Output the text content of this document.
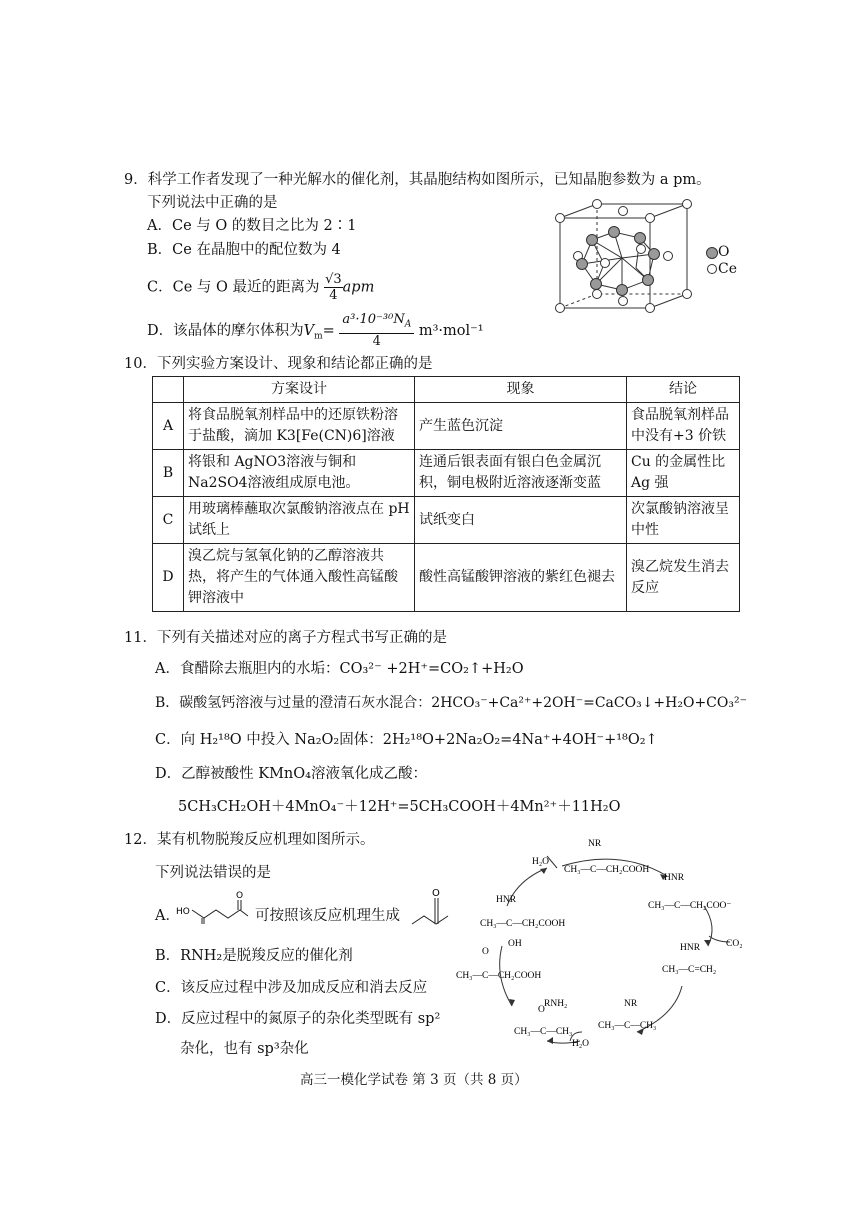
9．科学工作者发现了一种光解水的催化剂，其晶胞结构如图所示，已知晶胞参数为 a pm。
下列说法中正确的是
A．Ce 与 O 的数目之比为 2∶1
B．Ce 在晶胞中的配位数为 4
C．Ce 与 O 最近的距离为 $\frac{√3}{4}$ apm
D．该晶体的摩尔体积为$V_m= \frac{a^3\cdot 10^{-30}N_A}{4} m^3\cdot mol^{-1}$
O
Ce
10．下列实验方案设计、现象和结论都正确的是
	方案设计	现象	结论
A	将食品脱氧剂样品中的还原铁粉溶于盐酸，滴加 K3[Fe(CN)6]溶液	产生蓝色沉淀	食品脱氧剂样品中没有+3 价铁
B	将银和 AgNO3溶液与铜和 Na2SO4溶液组成原电池。	连通后银表面有银白色金属沉积，铜电极附近溶液逐渐变蓝	Cu 的金属性比 Ag 强
C	用玻璃棒蘸取次氯酸钠溶液点在 pH 试纸上	试纸变白	次氯酸钠溶液呈中性
D	溴乙烷与氢氧化钠的乙醇溶液共热，将产生的气体通入酸性高锰酸钾溶液中	酸性高锰酸钾溶液的紫红色褪去	溴乙烷发生消去反应
11．下列有关描述对应的离子方程式书写正确的是
A．食醋除去瓶胆内的水垢：CO₃²⁻ +2H⁺=CO₂↑+H₂O
B．碳酸氢钙溶液与过量的澄清石灰水混合：2HCO₃⁻+Ca²⁺+2OH⁻=CaCO₃↓+H₂O+CO₃²⁻
C．向 H₂¹⁸O 中投入 Na₂O₂固体：2H₂¹⁸O+2Na₂O₂=4Na⁺+4OH⁻+¹⁸O₂↑
D．乙醇被酸性 KMnO₄溶液氧化成乙酸：
5CH₃CH₂OH＋4MnO₄⁻＋12H⁺=5CH₃COOH＋4Mn²⁺＋11H₂O
12．某有机物脱羧反应机理如图所示。
下列说法错误的是
A．
HO
O
可按照该反应机理生成
O
B．RNH₂是脱羧反应的催化剂
C．该反应过程中涉及加成反应和消去反应
D．反应过程中的氮原子的杂化类型既有 sp²
杂化，也有 sp³杂化
NR
H₂O
CH₃—C—CH₂COOH
HNR
CH₃—C—CH₂COO⁻
CO₂
HNR
CH₃—C=CH₂
NR
CH₃—C—CH₃
O
CH₃—C—CH₃
H₂O
RNH₂
O
CH₃—C—CH₂COOH
HNR
CH₃—C—CH₂COOH
OH
高三一模化学试卷 第 3 页（共 8 页）
